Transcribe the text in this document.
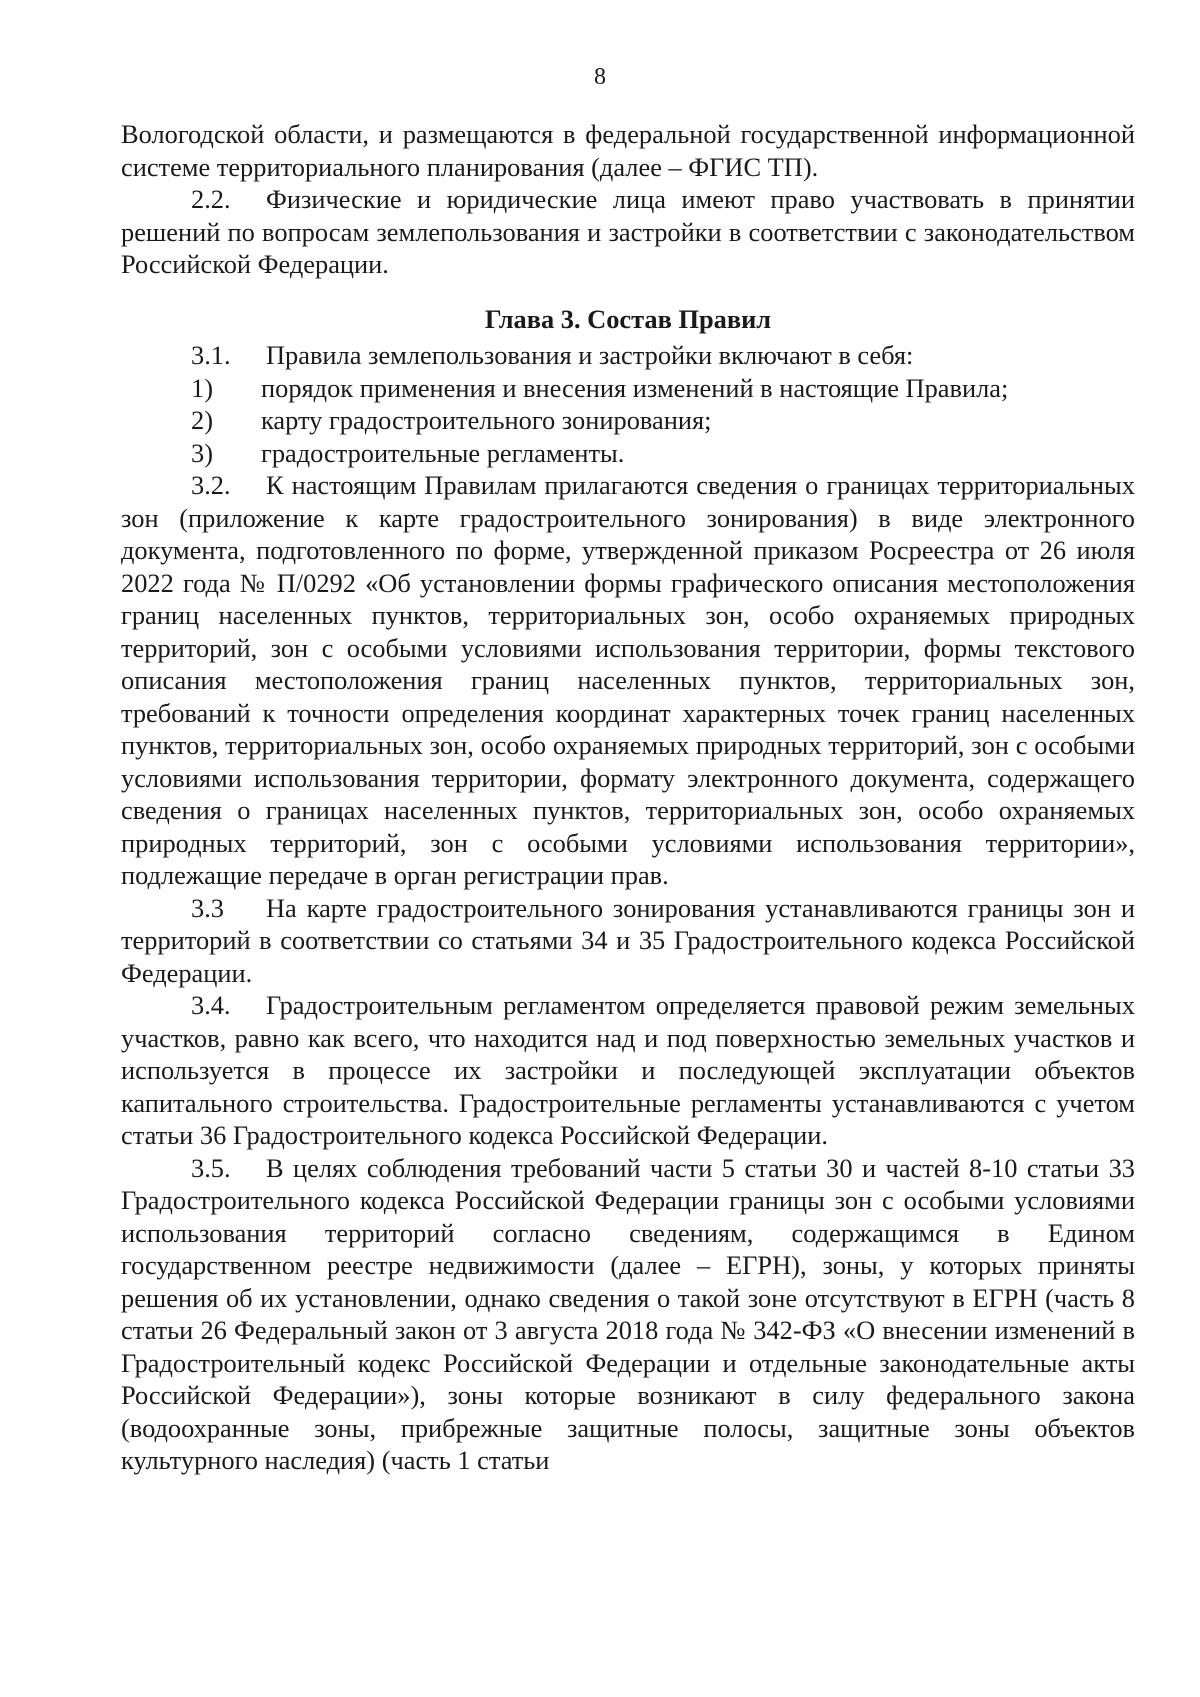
8

Вологодской области, и размещаются в федеральной государственной информационной системе территориального планирования (далее – ФГИС ТП).

2.2. Физические и юридические лица имеют право участвовать в принятии решений по вопросам землепользования и застройки в соответствии с законодательством Российской Федерации.

Глава 3. Состав Правил

3.1. Правила землепользования и застройки включают в себя:

1) порядок применения и внесения изменений в настоящие Правила;

2) карту градостроительного зонирования;

3) градостроительные регламенты.

3.2. К настоящим Правилам прилагаются сведения о границах территориальных зон (приложение к карте градостроительного зонирования) в виде электронного документа, подготовленного по форме, утвержденной приказом Росреестра от 26 июля 2022 года № П/0292 «Об установлении формы графического описания местоположения границ населенных пунктов, территориальных зон, особо охраняемых природных территорий, зон с особыми условиями использования территории, формы текстового описания местоположения границ населенных пунктов, территориальных зон, требований к точности определения координат характерных точек границ населенных пунктов, территориальных зон, особо охраняемых природных территорий, зон с особыми условиями использования территории, формату электронного документа, содержащего сведения о границах населенных пунктов, территориальных зон, особо охраняемых природных территорий, зон с особыми условиями использования территории», подлежащие передаче в орган регистрации прав.

3.3 На карте градостроительного зонирования устанавливаются границы зон и территорий в соответствии со статьями 34 и 35 Градостроительного кодекса Российской Федерации.

3.4. Градостроительным регламентом определяется правовой режим земельных участков, равно как всего, что находится над и под поверхностью земельных участков и используется в процессе их застройки и последующей эксплуатации объектов капитального строительства. Градостроительные регламенты устанавливаются с учетом статьи 36 Градостроительного кодекса Российской Федерации.

3.5. В целях соблюдения требований части 5 статьи 30 и частей 8-10 статьи 33 Градостроительного кодекса Российской Федерации границы зон с особыми условиями использования территорий согласно сведениям, содержащимся в Едином государственном реестре недвижимости (далее – ЕГРН), зоны, у которых приняты решения об их установлении, однако сведения о такой зоне отсутствуют в ЕГРН (часть 8 статьи 26 Федеральный закон от 3 августа 2018 года № 342-ФЗ «О внесении изменений в Градостроительный кодекс Российской Федерации и отдельные законодательные акты Российской Федерации»), зоны которые возникают в силу федерального закона (водоохранные зоны, прибрежные защитные полосы, защитные зоны объектов культурного наследия) (часть 1 статьи
